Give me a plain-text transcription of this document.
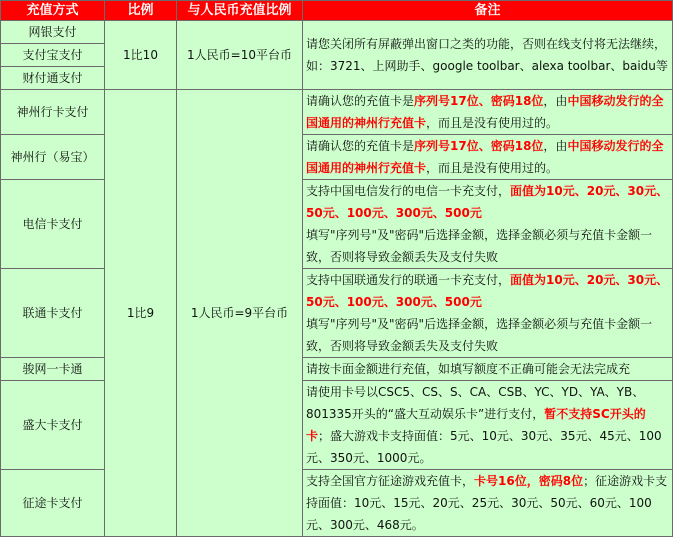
充值方式	比例	与人民币充值比例	备注
网银支付	1比10	1人民币=10平台币	请您关闭所有屏蔽弹出窗口之类的功能，否则在线支付将无法继续，如：3721、上网助手、google toolbar、alexa toolbar、baidu等
支付宝支付			
财付通支付			
神州行卡支付	1比9	1人民币=9平台币	请确认您的充值卡是序列号17位、密码18位，由中国移动发行的全国通用的神州行充值卡，而且是没有使用过的。
神州行（易宝）			请确认您的充值卡是序列号17位、密码18位，由中国移动发行的全国通用的神州行充值卡，而且是没有使用过的。
电信卡支付			支持中国电信发行的电信一卡充支付，面值为10元、20元、30元、50元、100元、300元、500元
填写"序列号"及"密码"后选择金额，选择金额必须与充值卡金额一致，否则将导致金额丢失及支付失败
联通卡支付			支持中国联通发行的联通一卡充支付，面值为10元、20元、30元、50元、100元、300元、500元
填写"序列号"及"密码"后选择金额，选择金额必须与充值卡金额一致，否则将导致金额丢失及支付失败
骏网一卡通			请按卡面金额进行充值，如填写额度不正确可能会无法完成充
盛大卡支付			请使用卡号以CSC5、CS、S、CA、CSB、YC、YD、YA、YB、801335开头的“盛大互动娱乐卡”进行支付，暂不支持SC开头的卡；盛大游戏卡支持面值：5元、10元、30元、35元、45元、100元、350元、1000元。
征途卡支付			支持全国官方征途游戏充值卡，卡号16位，密码8位；征途游戏卡支持面值：10元、15元、20元、25元、30元、50元、60元、100元、300元、468元。
